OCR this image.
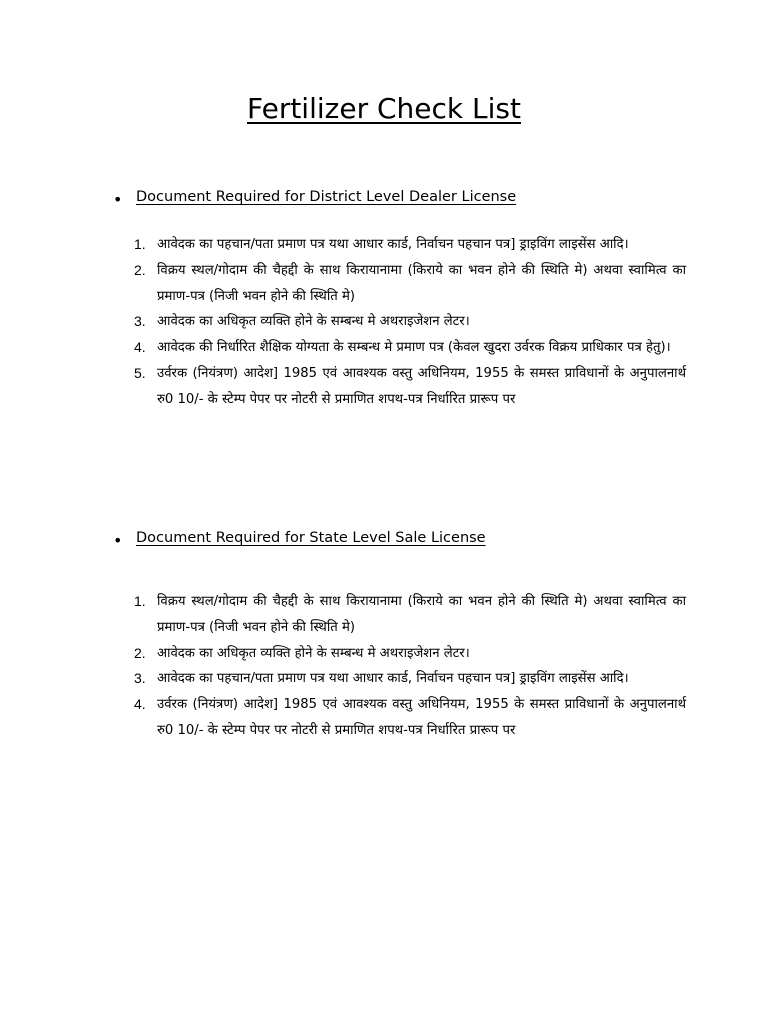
Fertilizer Check List
• Document Required for District Level Dealer License
1. आवेदक का पहचान/पता प्रमाण पत्र यथा आधार कार्ड, निर्वाचन पहचान पत्र] ड्राइविंग लाइसेंस आदि।
2. विक्रय स्थल/गोदाम की चैहद्दी के साथ किरायानामा (किराये का भवन होने की स्थिति मे) अथवा स्वामित्व का प्रमाण-पत्र (निजी भवन होने की स्थिति मे)
3. आवेदक का अधिकृत व्यक्ति होने के सम्बन्ध मे अथराइजेशन लेटर।
4. आवेदक की निर्धारित शैक्षिक योग्यता के सम्बन्ध मे प्रमाण पत्र (केवल खुदरा उर्वरक विक्रय प्राधिकार पत्र हेतु)।
5. उर्वरक (नियंत्रण) आदेश] 1985 एवं आवश्यक वस्तु अधिनियम, 1955 के समस्त प्राविधानों के अनुपालनार्थ रु0 10/- के स्टेम्प पेपर पर नोटरी से प्रमाणित शपथ-पत्र निर्धारित प्रारूप पर
• Document Required for State Level Sale License
1. विक्रय स्थल/गोदाम की चैहद्दी के साथ किरायानामा (किराये का भवन होने की स्थिति मे) अथवा स्वामित्व का प्रमाण-पत्र (निजी भवन होने की स्थिति मे)
2. आवेदक का अधिकृत व्यक्ति होने के सम्बन्ध मे अथराइजेशन लेटर।
3. आवेदक का पहचान/पता प्रमाण पत्र यथा आधार कार्ड, निर्वाचन पहचान पत्र] ड्राइविंग लाइसेंस आदि।
4. उर्वरक (नियंत्रण) आदेश] 1985 एवं आवश्यक वस्तु अधिनियम, 1955 के समस्त प्राविधानों के अनुपालनार्थ रु0 10/- के स्टेम्प पेपर पर नोटरी से प्रमाणित शपथ-पत्र निर्धारित प्रारूप पर
